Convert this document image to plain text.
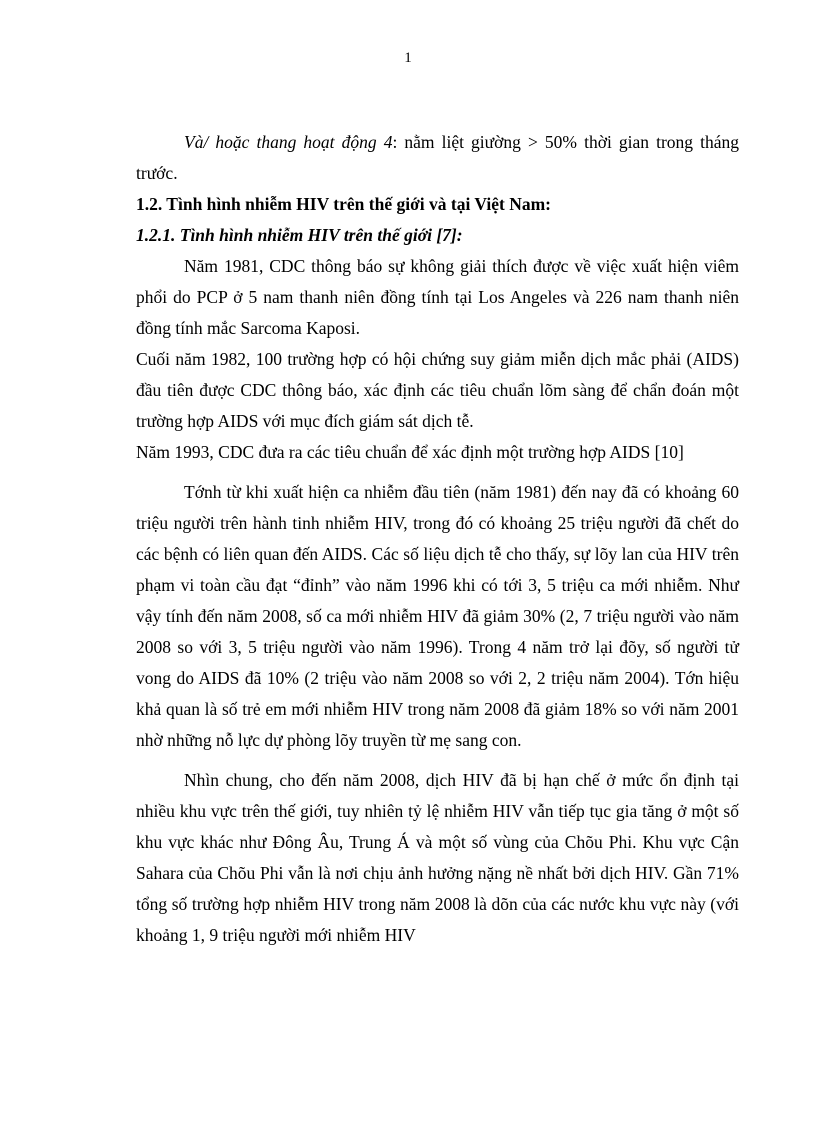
1

Và/ hoặc thang hoạt động 4: nằm liệt giường > 50% thời gian trong tháng trước.

1.2. Tình hình nhiễm HIV trên thế giới và tại Việt Nam:

1.2.1. Tình hình nhiễm HIV trên thế giới [7]:

Năm 1981, CDC thông báo sự không giải thích được về việc xuất hiện viêm phổi do PCP ở 5 nam thanh niên đồng tính tại Los Angeles và 226 nam thanh niên đồng tính mắc Sarcoma Kaposi.

Cuối năm 1982, 100 trường hợp có hội chứng suy giảm miễn dịch mắc phải (AIDS) đầu tiên được CDC thông báo, xác định các tiêu chuẩn lõm sàng để chẩn đoán một trường hợp AIDS với mục đích giám sát dịch tễ.

Năm 1993, CDC đưa ra các tiêu chuẩn để xác định một trường hợp AIDS [10]

Tớnh từ khi xuất hiện ca nhiễm đầu tiên (năm 1981) đến nay đã có khoảng 60 triệu người trên hành tinh nhiễm HIV, trong đó có khoảng 25 triệu người đã chết do các bệnh có liên quan đến AIDS. Các số liệu dịch tễ cho thấy, sự lõy lan của HIV trên phạm vi toàn cầu đạt “đỉnh” vào năm 1996 khi có tới 3, 5 triệu ca mới nhiễm. Như vậy tính đến năm 2008, số ca mới nhiễm HIV đã giảm 30% (2, 7 triệu người vào năm 2008 so với 3, 5 triệu người vào năm 1996). Trong 4 năm trở lại đõy, số người tử vong do AIDS đã 10% (2 triệu vào năm 2008 so với 2, 2 triệu năm 2004). Tớn hiệu khả quan là số trẻ em mới nhiễm HIV trong năm 2008 đã giảm 18% so với năm 2001 nhờ những nỗ lực dự phòng lõy truyền từ mẹ sang con.

Nhìn chung, cho đến năm 2008, dịch HIV đã bị hạn chế ở mức ổn định tại nhiều khu vực trên thế giới, tuy nhiên tỷ lệ nhiễm HIV vẫn tiếp tục gia tăng ở một số khu vực khác như Đông Âu, Trung Á và một số vùng của Chõu Phi. Khu vực Cận Sahara của Chõu Phi vẫn là nơi chịu ảnh hưởng nặng nề nhất bởi dịch HIV. Gần 71% tổng số trường hợp nhiễm HIV trong năm 2008 là dõn của các nước khu vực này (với khoảng 1, 9 triệu người mới nhiễm HIV
